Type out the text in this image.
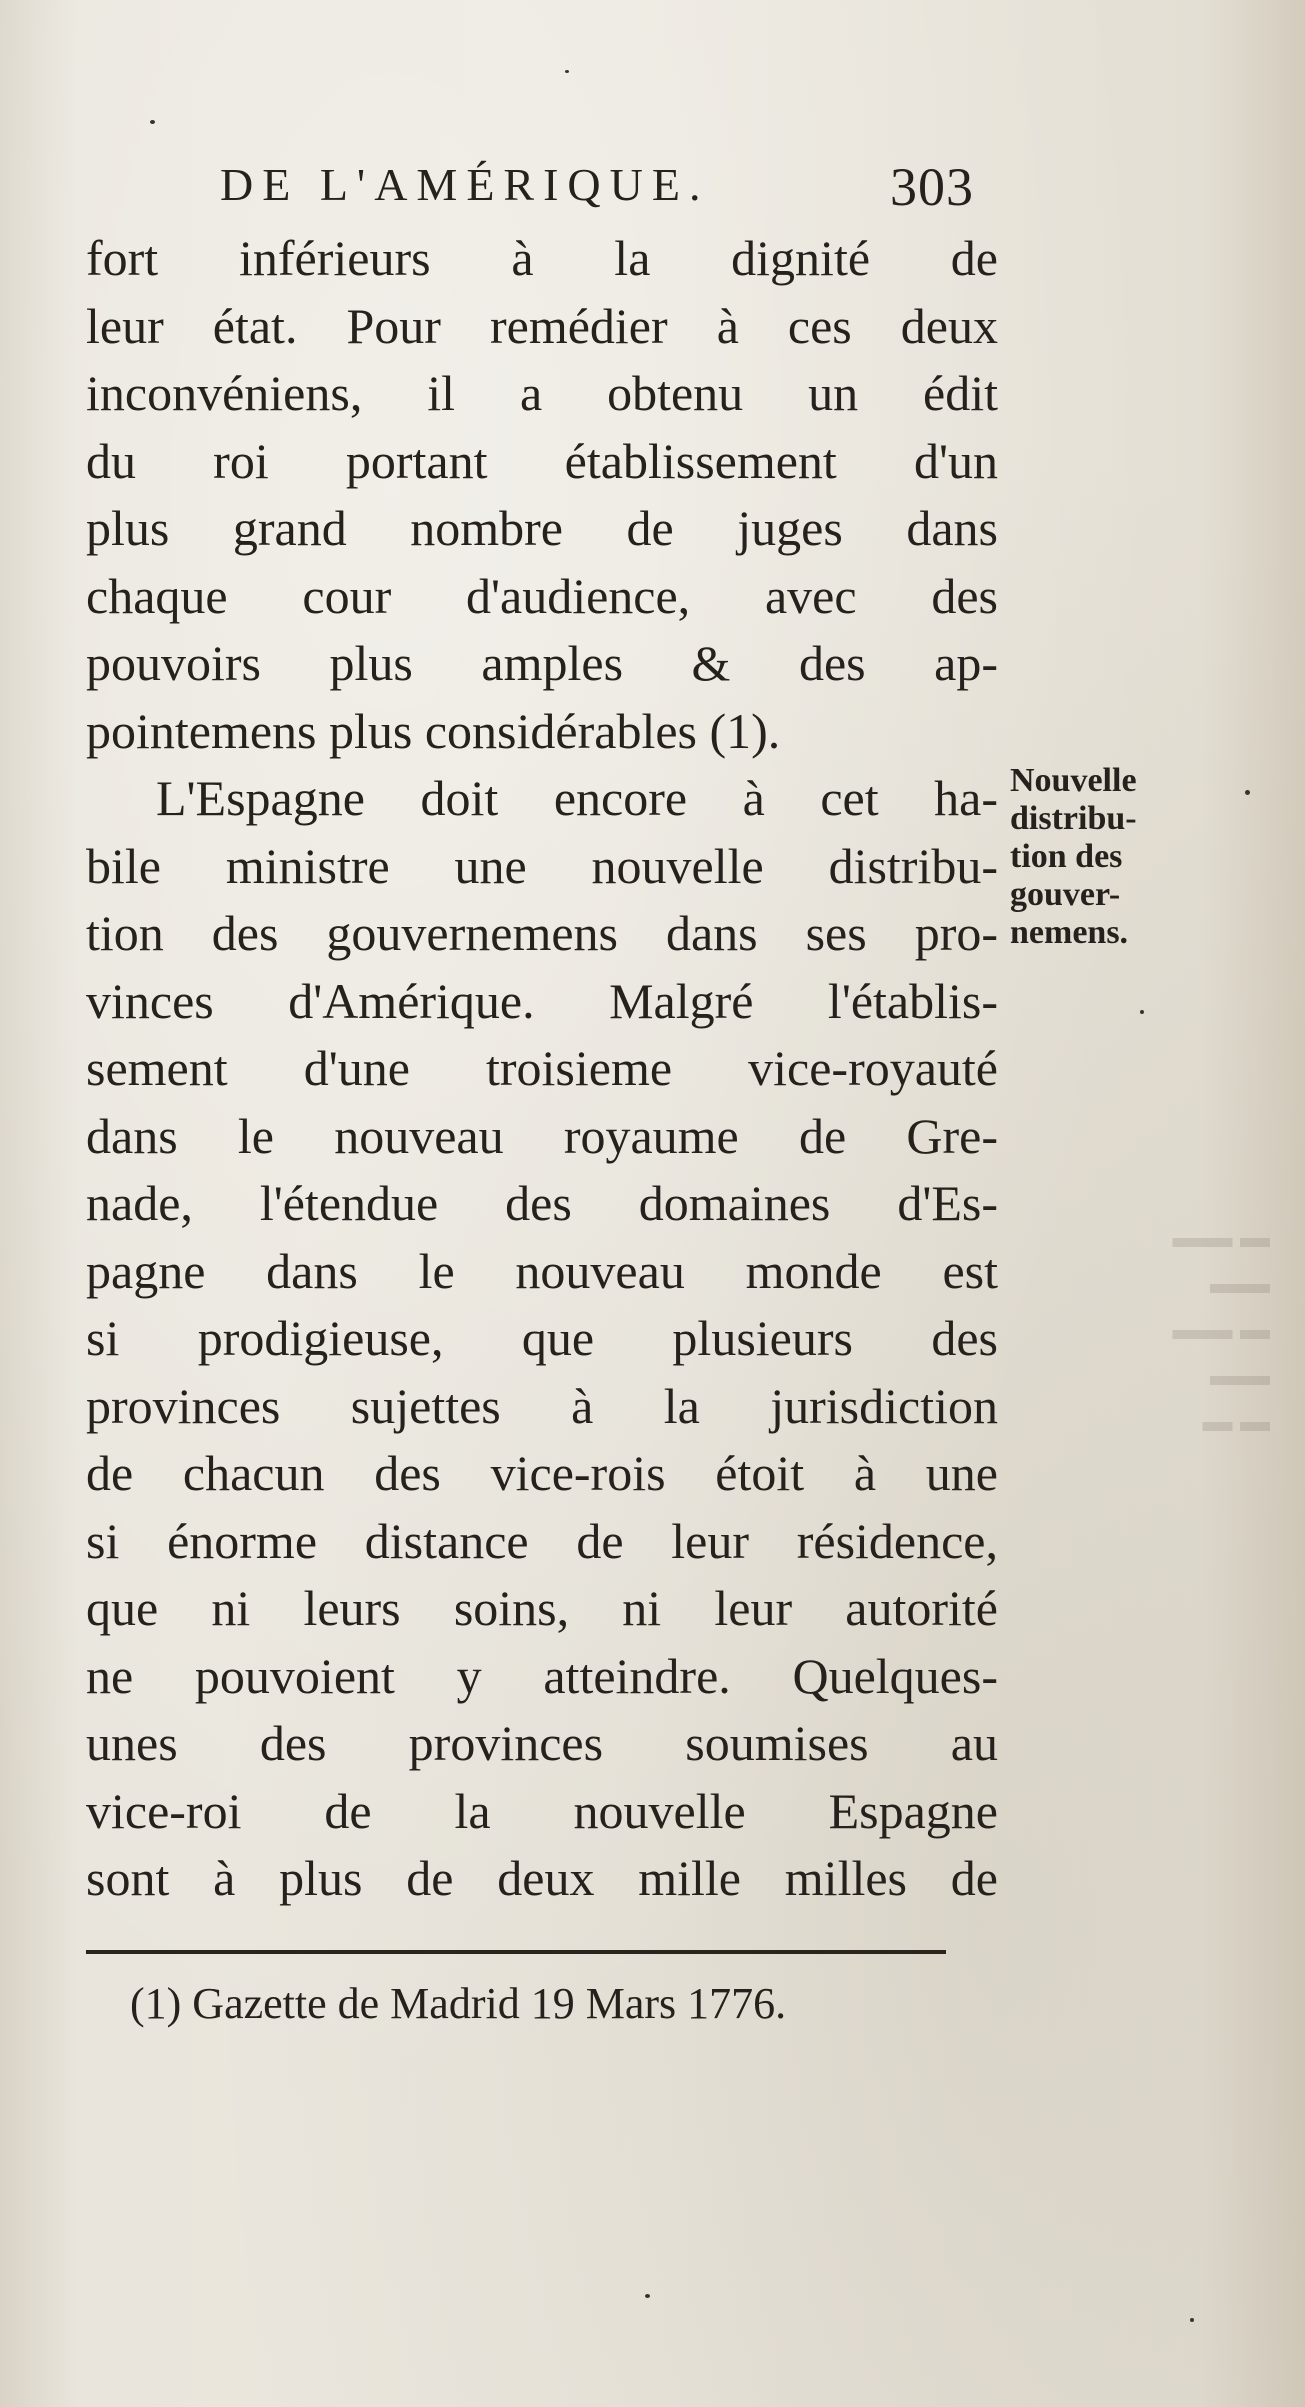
▬ ▬▬
▬▬
▬ ▬▬
▬▬
▬ ▬
DE L'AMÉRIQUE.	303
fort inférieurs à la dignité de
leur état. Pour remédier à ces deux
inconvéniens, il a obtenu un édit
du roi portant établissement d'un
plus grand nombre de juges dans
chaque cour d'audience, avec des
pouvoirs plus amples & des ap-
pointemens plus considérables (1).
L'Espagne doit encore à cet ha-
bile ministre une nouvelle distribu-
tion des gouvernemens dans ses pro-
vinces d'Amérique. Malgré l'établis-
sement d'une troisieme vice-royauté
dans le nouveau royaume de Gre-
nade, l'étendue des domaines d'Es-
pagne dans le nouveau monde est
si prodigieuse, que plusieurs des
provinces sujettes à la jurisdiction
de chacun des vice-rois étoit à une
si énorme distance de leur résidence,
que ni leurs soins, ni leur autorité
ne pouvoient y atteindre. Quelques-
unes des provinces soumises au
vice-roi de la nouvelle Espagne
sont à plus de deux mille milles de
Nouvelle
distribu-
tion des
gouver-
nemens.
(1) Gazette de Madrid 19 Mars 1776.
